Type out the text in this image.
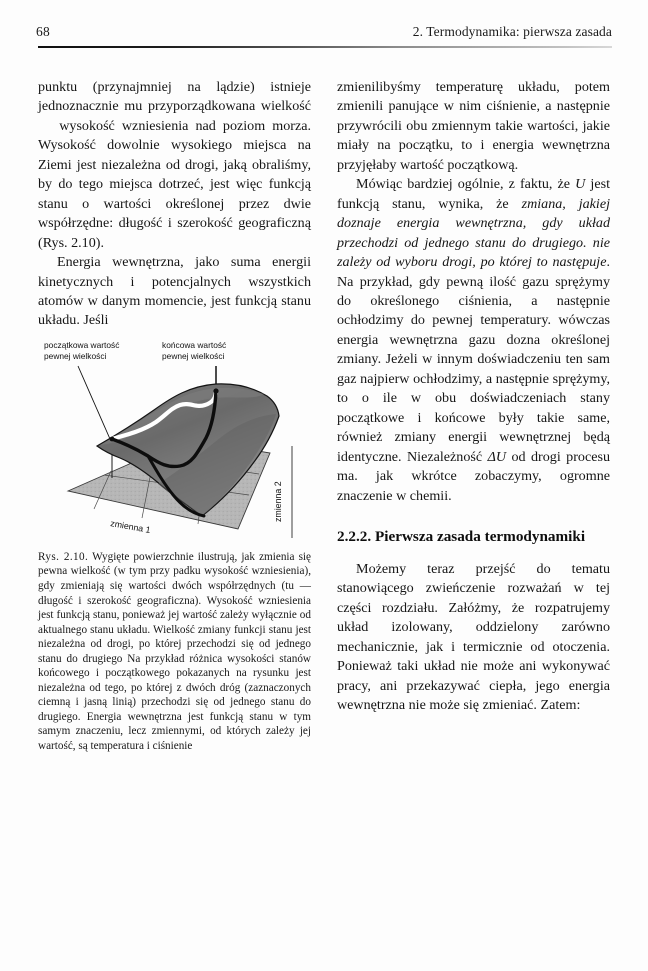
68	2. Termodynamika: pierwsza zasada

punktu (przynajmniej na lądzie) istnieje jednoznacznie mu przyporządkowana wielkość    wysokość wzniesienia nad poziom morza. Wysokość dowolnie wysokiego miejsca na Ziemi jest niezależna od drogi, jaką obraliśmy, by do tego miejsca dotrzeć, jest więc funkcją stanu o wartości określonej przez dwie współrzędne: długość i szerokość geograficzną (Rys. 2.10).

Energia wewnętrzna, jako suma energii kinetycznych i potencjalnych wszystkich atomów w danym momencie, jest funkcją stanu układu. Jeśli

początkowa wartość
pewnej wielkości
końcowa wartość
pewnej wielkości
zmienna 1
zmienna 2
Rys. 2.10. Wygięte powierzchnie ilustrują, jak zmienia się pewna wielkość (w tym przy padku wysokość wzniesienia), gdy zmieniają się wartości dwóch współrzędnych (tu — długość i szerokość geograficzna). Wysokość wzniesienia jest funkcją stanu, ponieważ jej wartość zależy wyłącznie od aktualnego stanu układu. Wielkość zmiany funkcji stanu jest niezależna od drogi, po której przechodzi się od jednego stanu do drugiego Na przykład różnica wysokości stanów końcowego i początkowego pokazanych na rysunku jest niezależna od tego, po której z dwóch dróg (zaznaczonych ciemną i jasną linią) przechodzi się od jednego stanu do drugiego. Energia wewnętrzna jest funkcją stanu w tym samym znaczeniu, lecz zmiennymi, od których zależy jej wartość, są temperatura i ciśnienie

zmienilibyśmy temperaturę układu, potem zmienili panujące w nim ciśnienie, a następnie przywrócili obu zmiennym takie wartości, jakie miały na początku, to i energia wewnętrzna przyjęłaby wartość początkową.

Mówiąc bardziej ogólnie, z faktu, że U jest funkcją stanu, wynika, że zmiana, jakiej doznaje energia wewnętrzna, gdy układ przechodzi od jednego stanu do drugiego. nie zależy od wyboru drogi, po której to następuje. Na przykład, gdy pewną ilość gazu sprężymy do określonego ciśnienia, a następnie ochłodzimy do pewnej temperatury. wówczas energia wewnętrzna gazu dozna określonej zmiany. Jeżeli w innym doświadczeniu ten sam gaz najpierw ochłodzimy, a następnie sprężymy, to o ile w obu doświadczeniach stany początkowe i końcowe były takie same, również zmiany energii wewnętrznej będą identyczne. Niezależność ΔU od drogi procesu ma. jak wkrótce zobaczymy, ogromne znaczenie w chemii.

2.2.2. Pierwsza zasada termodynamiki

Możemy teraz przejść do tematu stanowiącego zwieńczenie rozważań w tej części rozdziału. Załóżmy, że rozpatrujemy układ izolowany, oddzielony zarówno mechanicznie, jak i termicznie od otoczenia. Ponieważ taki układ nie może ani wykonywać pracy, ani przekazywać ciepła, jego energia wewnętrzna nie może się zmieniać. Zatem:
